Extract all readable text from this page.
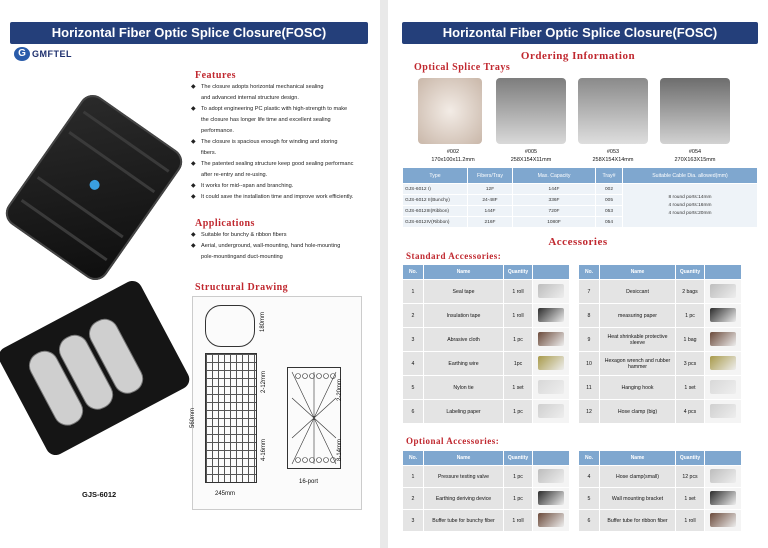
Horizontal Fiber Optic Splice Closure(FOSC)
G GMFTEL
GJS-6012
Features
◆ The closure adopts horizontal mechanical sealing
and advanced internal structure design.
◆ To adopt engineering PC plastic with high-strength to make
the closure has longer life time and excellent sealing
performance.
◆ The closure is spacious enough for winding and storing
fibers.
◆ The patented sealing structure keep good sealing performanc
after re-entry and re-using.
◆ It works for mid--span and branching.
◆ It could save the installation time and improve work efficiently.
Applications
◆ Suitable for bunchy & ribbon fibers
◆ Aerial, underground, wall-mounting, hand hole-mounting
pole-mountingand duct-mounting
Structural Drawing
180mm
560mm
245mm
2-12mm
4-16mm
2-20mm
8-14mm
16-port
Horizontal Fiber Optic Splice Closure(FOSC)
Ordering Information
Optical Splice Trays
#002
170x100x11.2mm
#005
258X154X11mm
#053
258X154X14mm
#054
270X163X15mm
Type	Fibers/Tray	Max. Capacity	Tray#	Suitable Cable Dia. allowed(mm)
GJS-6012 I)	12F	144F	002	8 round ports:14mm
4 round ports:16mm
4 round ports:20mm

GJS-6012 II(Bunchy)	24-48F	336F	005	
GJS-6012III(Ribbon)	144F	720F	053	
GJS-6012IV(Ribbon)	216F	1080F	054	
Accessories
Standard Accessories:
No.	Name	Quantity	
1	Seal tape	1 roll	
2	Insulation tape	1 roll	
3	Abrasive cloth	1 pc	
4	Earthing wire	1pc	
5	Nylon tie	1 set	
6	Labeling paper	1 pc	
No.	Name	Quantity	
7	Desiccant	2 bags	
8	measuring paper	1 pc	
9	Heat shrinkable protective sleeve	1 bag	
10	Hexagon wrench and rubber hammer	3 pcs	
11	Hanging hook	1 set	
12	Hose clamp (big)	4 pcs	
Optional Accessories:
No.	Name	Quantity	
1	Pressure testing valve	1 pc	
2	Earthing deriving device	1 pc	
3	Buffer tube for bunchy fiber	1 roll	
No.	Name	Quantity	
4	Hose clamp(small)	12 pcs	
5	Wall mounting bracket	1 set	
6	Buffer tube for ribbon fiber	1 roll	
